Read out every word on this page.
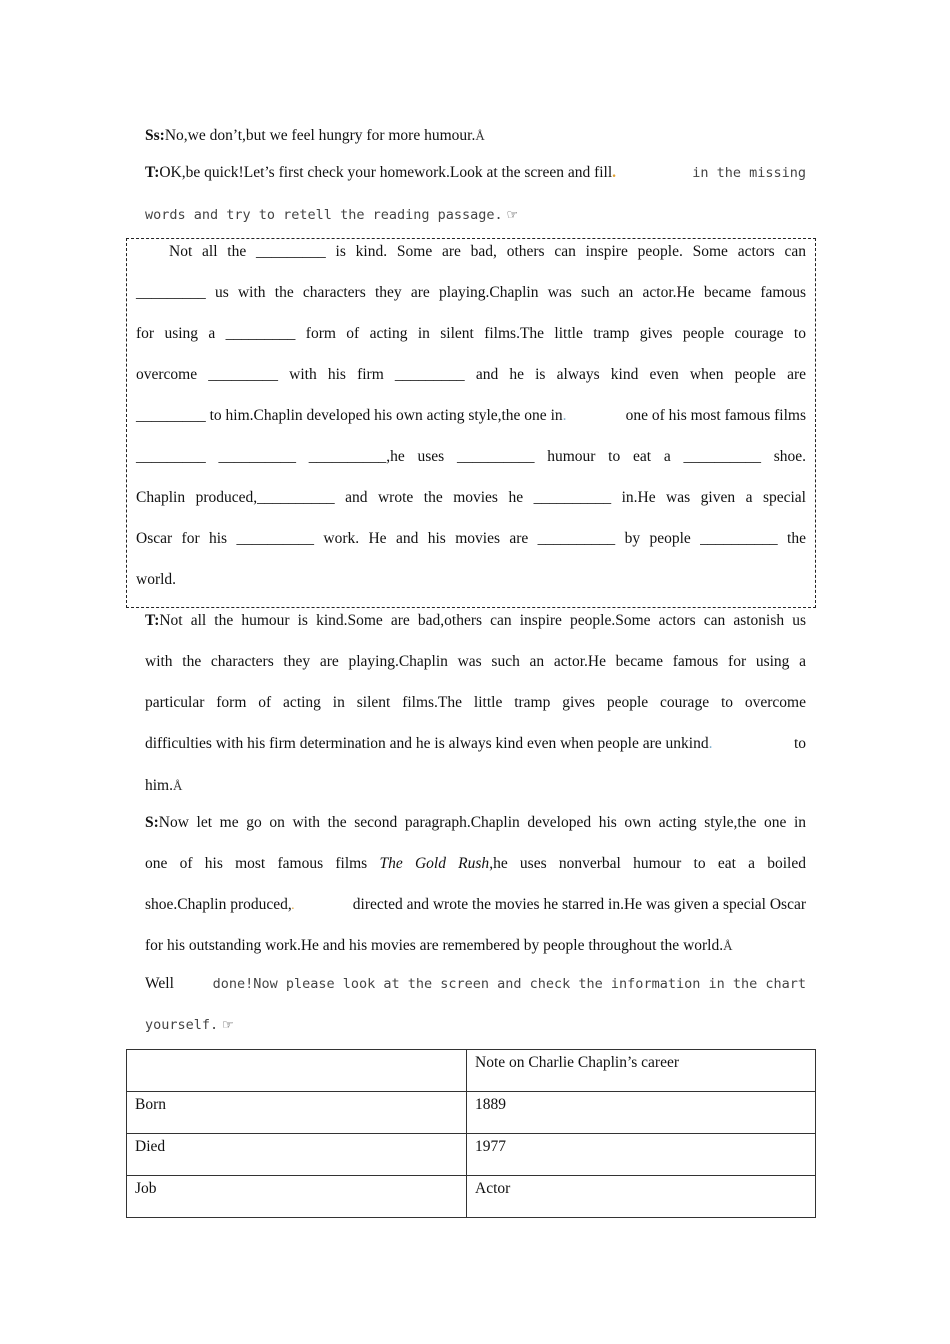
Ss:No,we don’t,but we feel hungry for more humour.Å
T:OK,be quick!Let’s first check your homework.Look at the screen and fill.	in the missing
words and try to retell the reading passage. ☞
Not all the _________ is kind. Some are bad, others can inspire people. Some actors can
_________ us with the characters they are playing.Chaplin was such an actor.He became famous
for using a _________ form of acting in silent films.The little tramp gives people courage to
overcome _________ with his firm _________ and he is always kind even when people are
_________ to him.Chaplin developed his own acting style,the one in.	one of his most famous films
_________ __________ __________,he uses __________ humour to eat a __________ shoe.
Chaplin produced,__________ and wrote the movies he __________ in.He was given a special
Oscar for his __________ work. He and his movies are __________ by people __________ the
world.
T:Not all the humour is kind.Some are bad,others can inspire people.Some actors can astonish us
with the characters they are playing.Chaplin was such an actor.He became famous for using a
particular form of acting in silent films.The little tramp gives people courage to overcome
difficulties with his firm determination and he is always kind even when people are unkind.	to
him.Å
S:Now let me go on with the second paragraph.Chaplin developed his own acting style,the one in
one of his most famous films The Gold Rush,he uses nonverbal humour to eat a boiled
shoe.Chaplin produced,.	directed and wrote the movies he starred in.He was given a special Oscar
for his outstanding work.He and his movies are remembered by people throughout the world.Å
Well	done!Now please look at the screen and check the information in the chart
yourself. ☞
	Note on Charlie Chaplin’s career
Born	1889
Died	1977
Job	Actor
